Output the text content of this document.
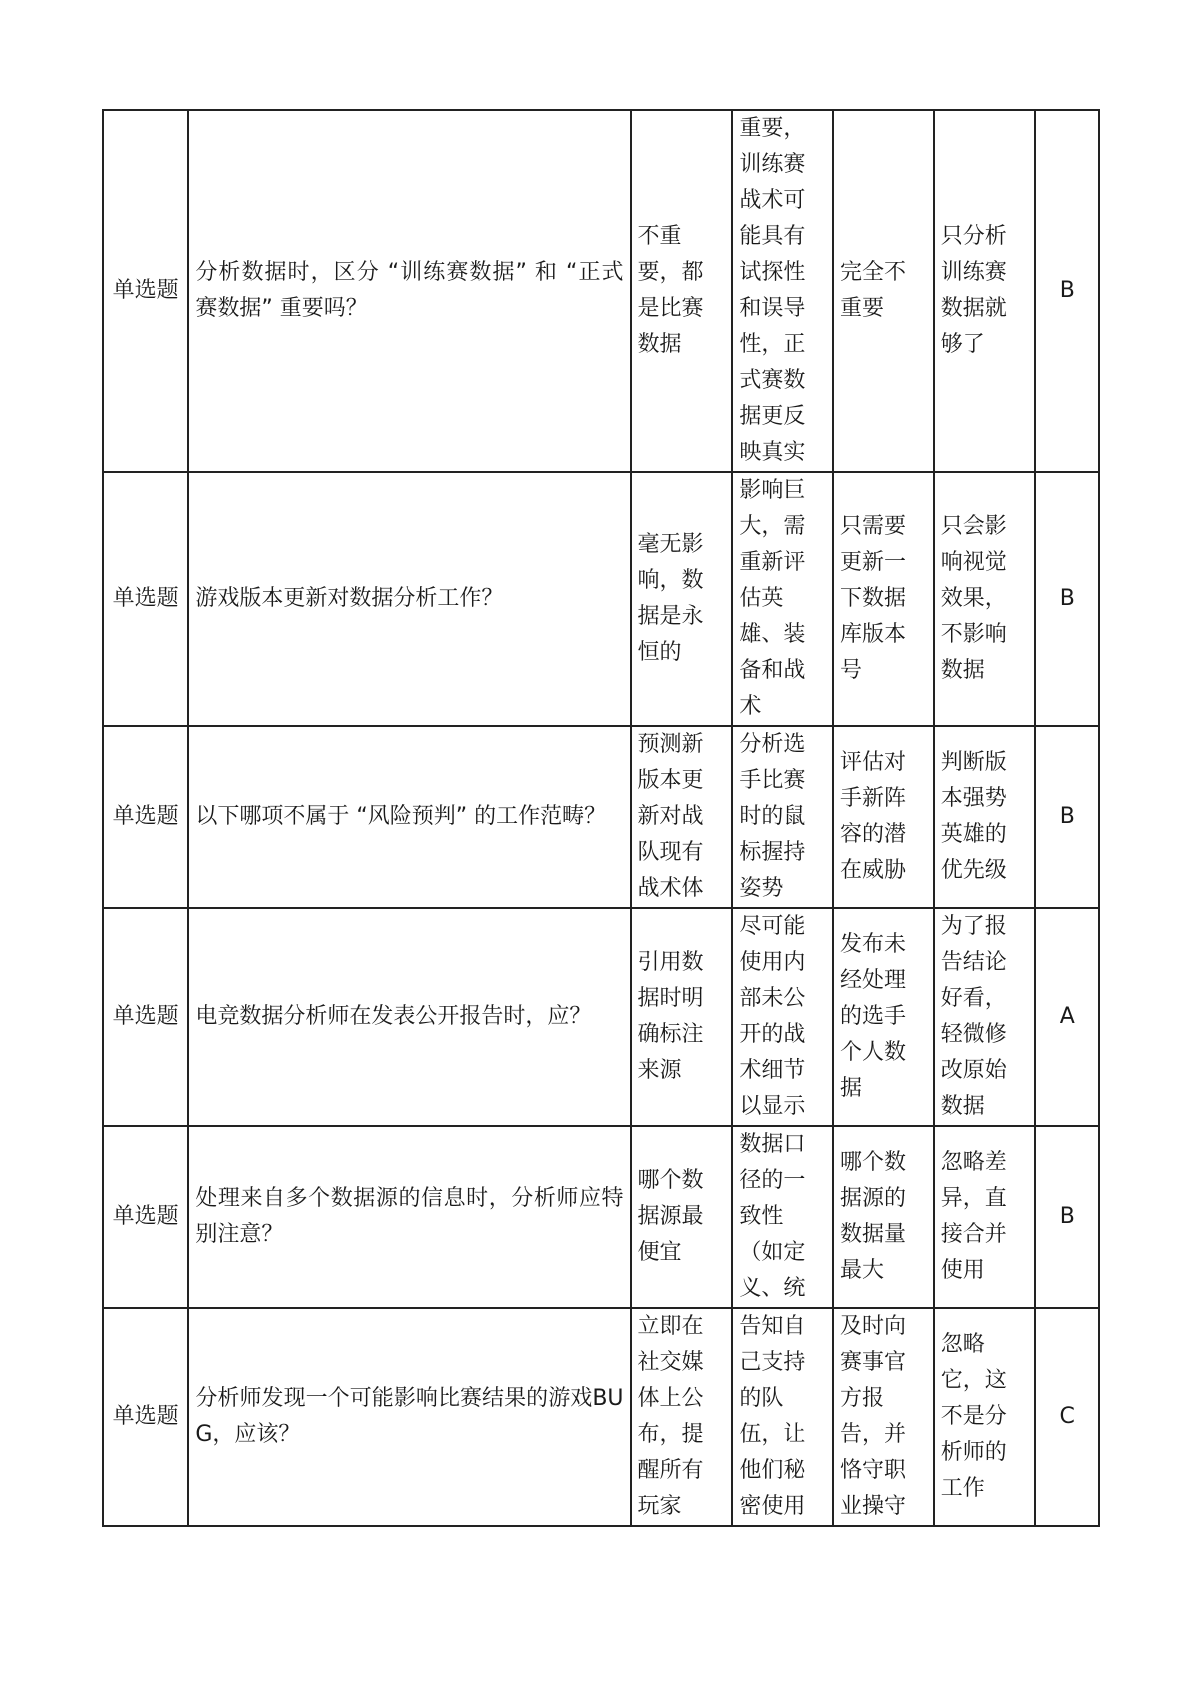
单选题	分析数据时，区分 “训练赛数据” 和 “正式赛数据” 重要吗？	不重要，都是比赛数据	重要，训练赛战术可能具有试探性和误导性，正式赛数据更反映真实	完全不重要	只分析训练赛数据就够了	B

单选题	游戏版本更新对数据分析工作？	毫无影响，数据是永恒的	影响巨大，需重新评估英雄、装备和战术	只需要更新一下数据库版本号	只会影响视觉效果，不影响数据	B

单选题	以下哪项不属于 “风险预判” 的工作范畴？	预测新版本更新对战队现有战术体	分析选手比赛时的鼠标握持姿势	评估对手新阵容的潜在威胁	判断版本强势英雄的优先级	B

单选题	电竞数据分析师在发表公开报告时，应？	引用数据时明确标注来源	尽可能使用内部未公开的战术细节以显示	发布未经处理的选手个人数据	为了报告结论好看，轻微修改原始数据	A

单选题	处理来自多个数据源的信息时，分析师应特别注意？	哪个数据源最便宜	数据口径的一致性（如定义、统	哪个数据源的数据量最大	忽略差异，直接合并使用	B

单选题	分析师发现一个可能影响比赛结果的游戏BUG，应该？	立即在社交媒体上公布，提醒所有玩家	告知自己支持的队伍，让他们秘密使用	及时向赛事官方报告，并恪守职业操守	忽略它，这不是分析师的工作	C
